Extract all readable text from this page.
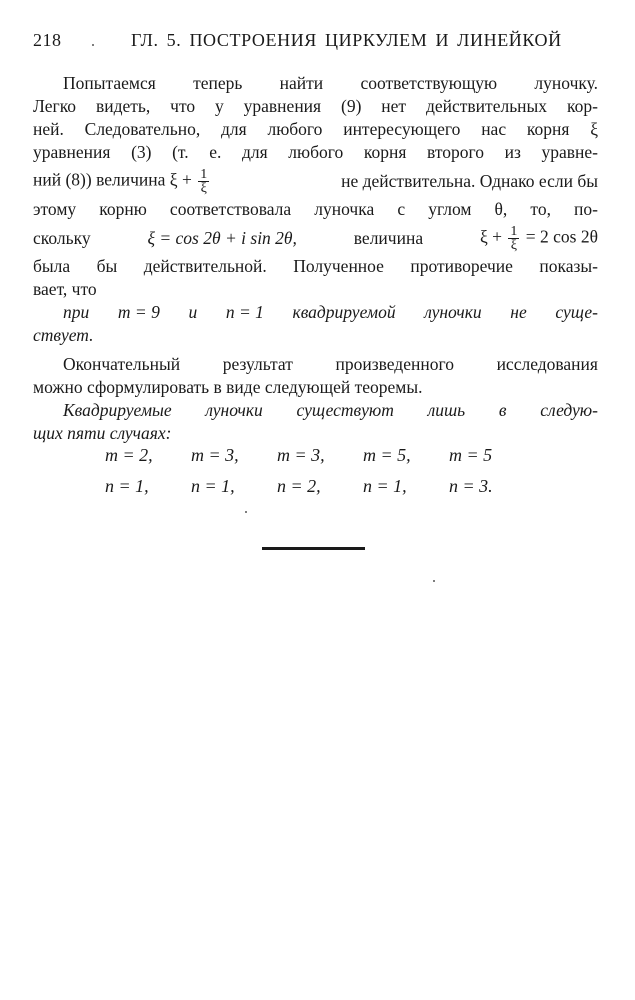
218	ГЛ. 5. ПОСТРОЕНИЯ ЦИРКУЛЕМ И ЛИНЕЙКОЙ
Попытаемся теперь найти соответствующую луночку.
Легко видеть, что у уравнения (9) нет действительных кор-
ней. Следовательно, для любого интересующего нас корня ξ
уравнения (3) (т. е. для любого корня второго из уравне-
ний (8)) величина $\xi + \frac{1}{\xi}$	не действительна. Однако если бы
этому корню соответствовала луночка с углом θ, то, по-
скольку	ξ = cos 2θ + i sin 2θ,	величина	$\xi + \frac{1}{\xi} = 2$ cos 2θ
была бы действительной. Полученное противоречие показы-
вает, что
при m = 9 и n = 1 квадрируемой луночки не суще-
ствует.
Окончательный результат произведенного исследования
можно сформулировать в виде следующей теоремы.
Квадрируемые луночки существуют лишь в следую-
щих пяти случаях:
m = 2,	m = 3,	m = 3,	m = 5,	m = 5
n = 1,	n = 1,	n = 2,	n = 1,	n = 3.
